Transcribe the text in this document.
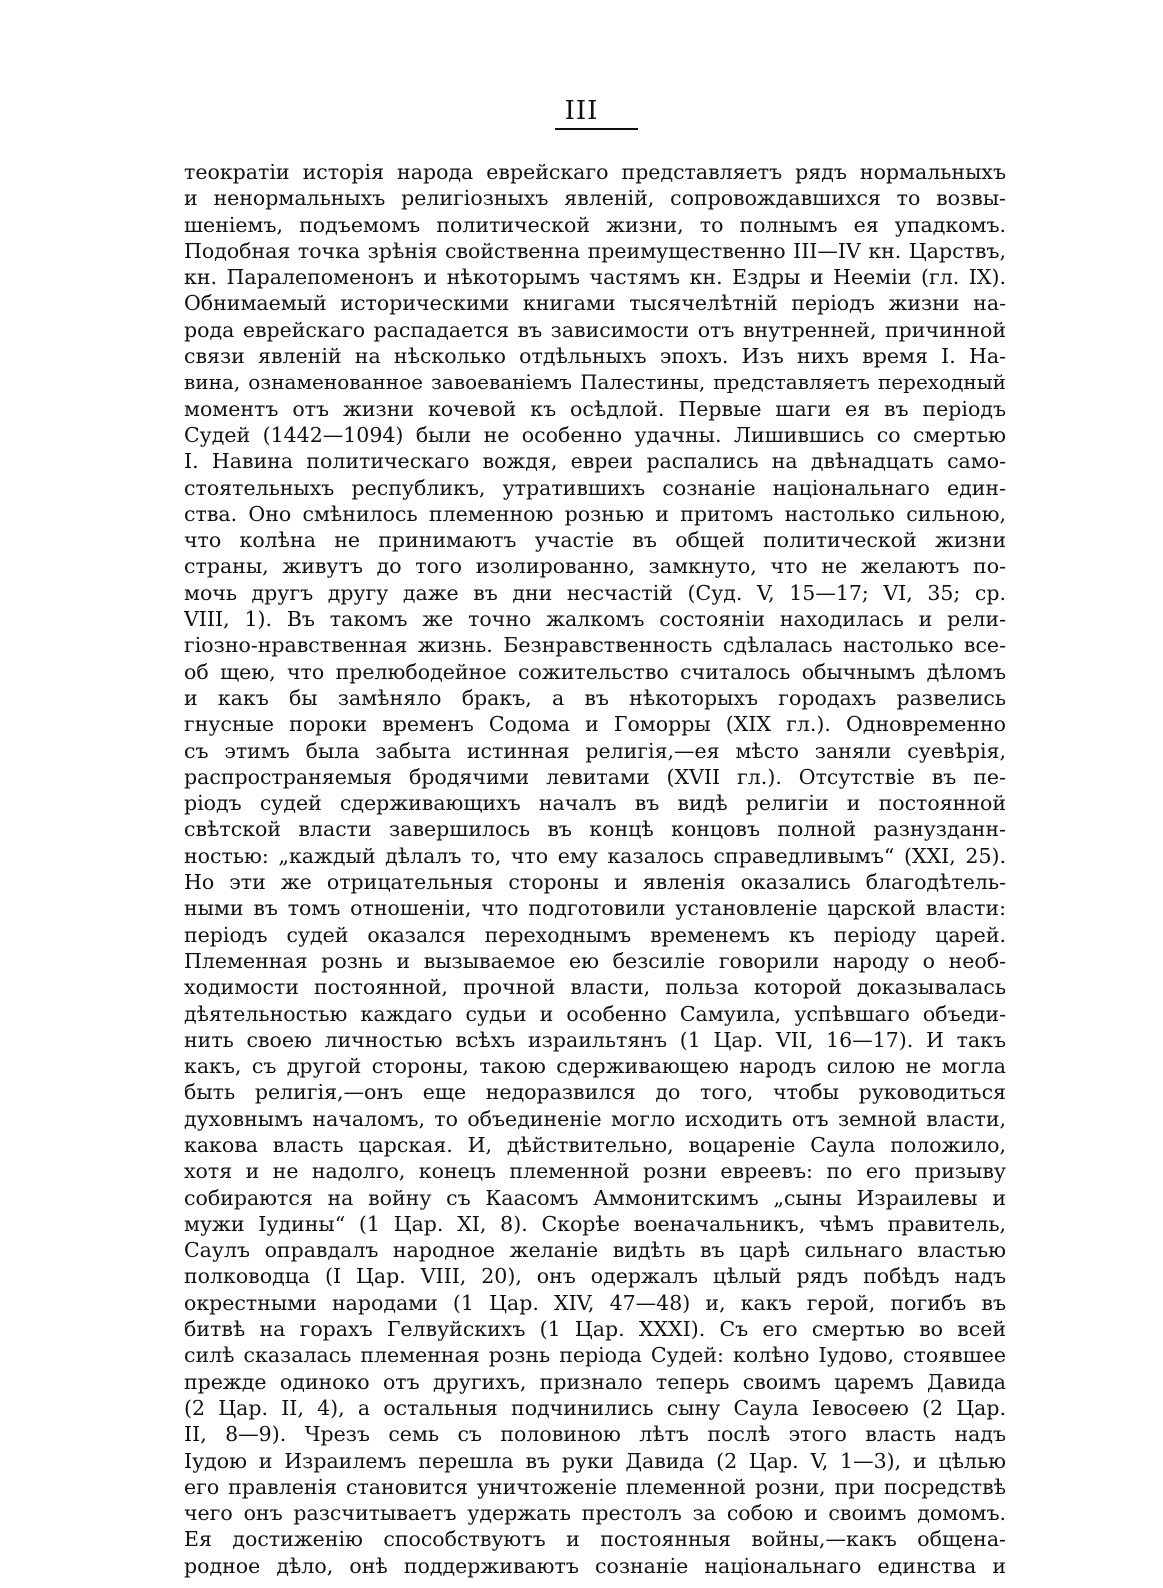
III
теократіи исторія народа еврейскаго представляетъ рядъ нормальныхъ
и ненормальныхъ религіозныхъ явленій, сопровождавшихся то возвы-
шеніемъ, подъемомъ политической жизни, то полнымъ ея упадкомъ.
Подобная точка зрѣнія свойственна преимущественно III—IV кн. Царствъ,
кн. Паралепоменонъ и нѣкоторымъ частямъ кн. Ездры и Нееміи (гл. IX).
Обнимаемый историческими книгами тысячелѣтній періодъ жизни на-
рода еврейскаго распадается въ зависимости отъ внутренней, причинной
связи явленій на нѣсколько отдѣльныхъ эпохъ. Изъ нихъ время I. На-
вина, ознаменованное завоеваніемъ Палестины, представляетъ переходный
моментъ отъ жизни кочевой къ осѣдлой. Первые шаги ея въ періодъ
Судей (1442—1094) были не особенно удачны. Лишившись со смертью
I. Навина политическаго вождя, евреи распались на двѣнадцать само-
стоятельныхъ республикъ, утратившихъ сознаніе національнаго един-
ства. Оно смѣнилось племенною рознью и притомъ настолько сильною,
что колѣна не принимаютъ участіе въ общей политической жизни
страны, живутъ до того изолированно, замкнуто, что не желаютъ по-
мочь другъ другу даже въ дни несчастій (Суд. V, 15—17; VI, 35; ср.
VIII, 1). Въ такомъ же точно жалкомъ состояніи находилась и рели-
гіозно-нравственная жизнь. Безнравственность сдѣлалась настолько все-
об щею, что прелюбодейное сожительство считалось обычнымъ дѣломъ
и какъ бы замѣняло бракъ, а въ нѣкоторыхъ городахъ развелись
гнусные пороки временъ Содома и Гоморры (XIX гл.). Одновременно
съ этимъ была забыта истинная религія,—ея мѣсто заняли суевѣрія,
распространяемыя бродячими левитами (XVII гл.). Отсутствіе въ пе-
ріодъ судей сдерживающихъ началъ въ видѣ религіи и постоянной
свѣтской власти завершилось въ концѣ концовъ полной разнузданн-
ностью: „каждый дѣлалъ то, что ему казалось справедливымъ“ (XXI, 25).
Но эти же отрицательныя стороны и явленія оказались благодѣтель-
ными въ томъ отношеніи, что подготовили установленіе царской власти:
періодъ судей оказался переходнымъ временемъ къ періоду царей.
Племенная рознь и вызываемое ею безсиліе говорили народу о необ-
ходимости постоянной, прочной власти, польза которой доказывалась
дѣятельностью каждаго судьи и особенно Самуила, успѣвшаго объеди-
нить своею личностью всѣхъ израильтянъ (1 Цар. VII, 16—17). И такъ
какъ, съ другой стороны, такою сдерживающею народъ силою не могла
быть религія,—онъ еще недоразвился до того, чтобы руководиться
духовнымъ началомъ, то объединеніе могло исходить отъ земной власти,
какова власть царская. И, дѣйствительно, воцареніе Саула положило,
хотя и не надолго, конецъ племенной розни евреевъ: по его призыву
собираются на войну съ Каасомъ Аммонитскимъ „сыны Израилевы и
мужи Іудины“ (1 Цар. XI, 8). Скорѣе военачальникъ, чѣмъ правитель,
Саулъ оправдалъ народное желаніе видѣть въ царѣ сильнаго властью
полководца (I Цар. VIII, 20), онъ одержалъ цѣлый рядъ побѣдъ надъ
окрестными народами (1 Цар. XIV, 47—48) и, какъ герой, погибъ въ
битвѣ на горахъ Гелвуйскихъ (1 Цар. XXXI). Съ его смертью во всей
силѣ сказалась племенная рознь періода Судей: колѣно Іудово, стоявшее
прежде одиноко отъ другихъ, признало теперь своимъ царемъ Давида
(2 Цар. II, 4), а остальныя подчинились сыну Саула Іевосѳею (2 Цар.
II, 8—9). Чрезъ семь съ половиною лѣтъ послѣ этого власть надъ
Іудою и Израилемъ перешла въ руки Давида (2 Цар. V, 1—3), и цѣлью
его правленія становится уничтоженіе племенной розни, при посредствѣ
чего онъ разсчитываетъ удержать престолъ за собою и своимъ домомъ.
Ея достиженію способствуютъ и постоянныя войны,—какъ общена-
родное дѣло, онѣ поддерживаютъ сознаніе національнаго единства и
